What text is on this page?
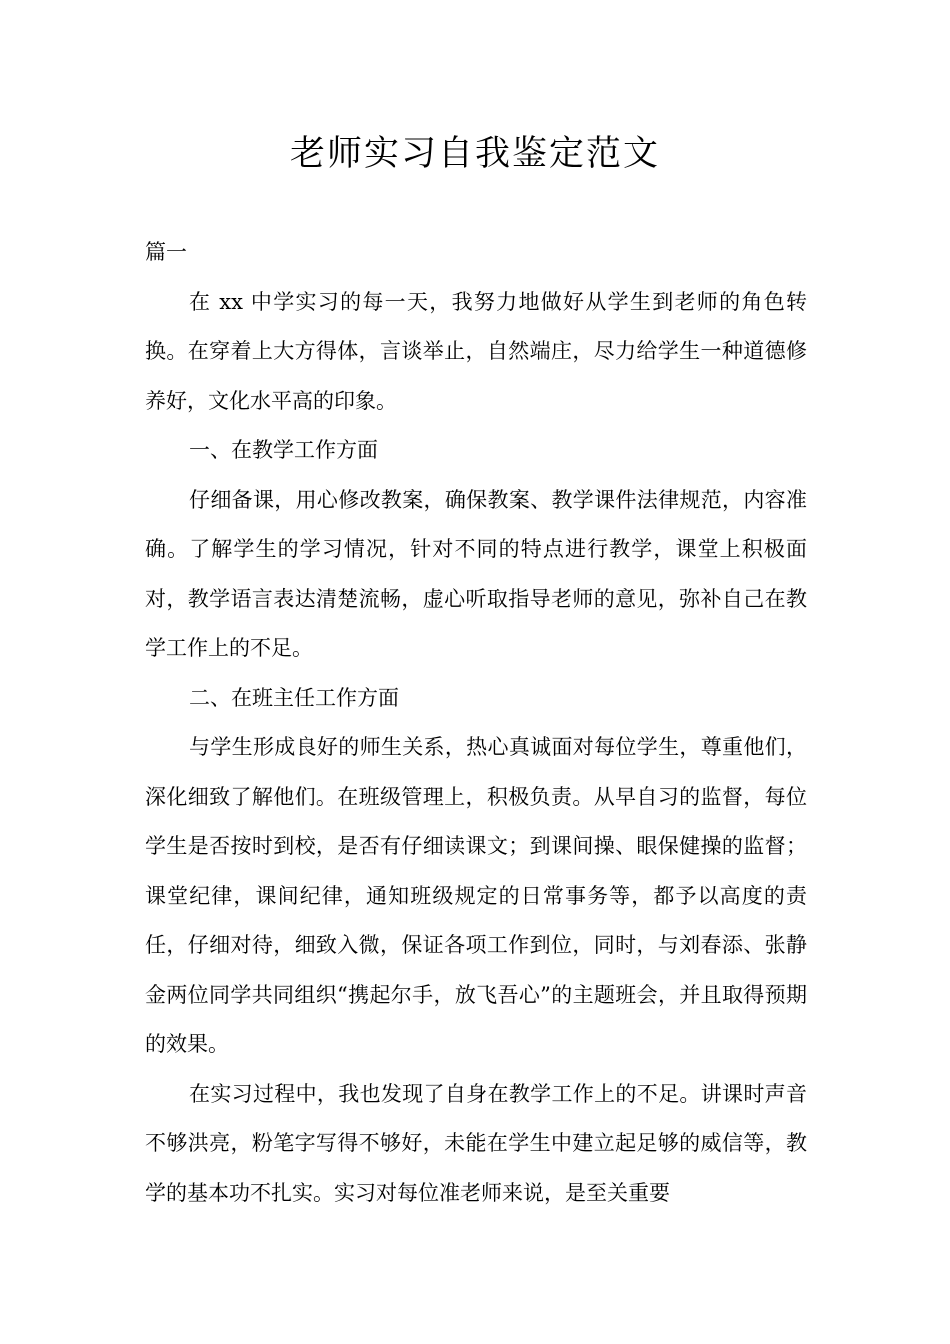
老师实习自我鉴定范文

篇一

在 xx 中学实习的每一天，我努力地做好从学生到老师的角色转换。在穿着上大方得体，言谈举止，自然端庄，尽力给学生一种道德修养好，文化水平高的印象。

一、在教学工作方面

仔细备课，用心修改教案，确保教案、教学课件法律规范，内容准确。了解学生的学习情况，针对不同的特点进行教学，课堂上积极面对，教学语言表达清楚流畅，虚心听取指导老师的意见，弥补自己在教学工作上的不足。

二、在班主任工作方面

与学生形成良好的师生关系，热心真诚面对每位学生，尊重他们，深化细致了解他们。在班级管理上，积极负责。从早自习的监督，每位学生是否按时到校，是否有仔细读课文；到课间操、眼保健操的监督；课堂纪律，课间纪律，通知班级规定的日常事务等，都予以高度的责任，仔细对待，细致入微，保证各项工作到位，同时，与刘春添、张静金两位同学共同组织“携起尔手，放飞吾心”的主题班会，并且取得预期的效果。

在实习过程中，我也发现了自身在教学工作上的不足。讲课时声音不够洪亮，粉笔字写得不够好，未能在学生中建立起足够的威信等，教学的基本功不扎实。实习对每位准老师来说，是至关重要
